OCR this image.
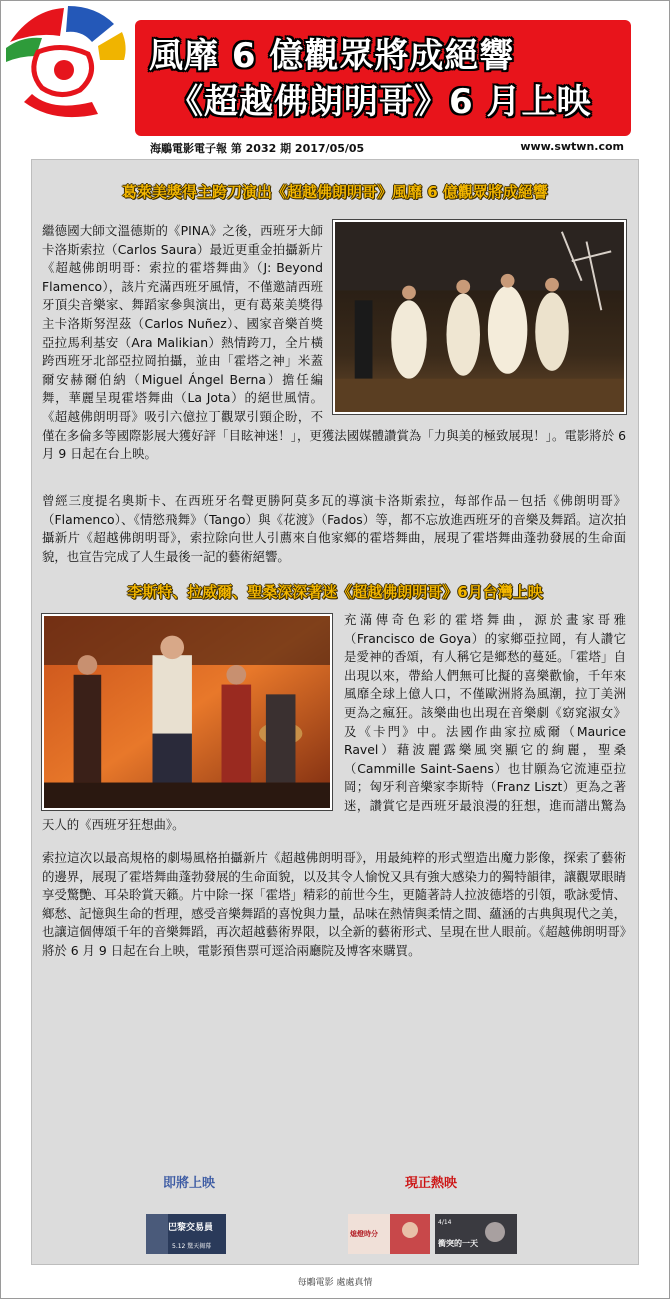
風靡 6 億觀眾將成絕響
《超越佛朗明哥》6 月上映
海鵰電影電子報 第 2032 期 2017/05/05	www.swtwn.com
葛萊美獎得主跨刀演出《超越佛朗明哥》風靡 6 億觀眾將成絕響
繼德國大師文溫德斯的《PINA》之後，西班牙大師卡洛斯索拉（Carlos Saura）最近更重金拍攝新片《超越佛朗明哥：索拉的霍塔舞曲》（J: Beyond Flamenco），該片充滿西班牙風情，不僅邀請西班牙頂尖音樂家、舞蹈家參與演出，更有葛萊美獎得主卡洛斯努涅茲（Carlos Nuñez）、國家音樂首獎亞拉馬利基安（Ara Malikian）熱情跨刀，全片橫跨西班牙北部亞拉岡拍攝，並由「霍塔之神」米蓋爾安赫爾伯納（Miguel Ángel Berna）擔任編舞，華麗呈現霍塔舞曲（La Jota）的絕世風情。《超越佛朗明哥》吸引六億拉丁觀眾引頸企盼，不僅在多倫多等國際影展大獲好評「目眩神迷！」，更獲法國媒體讚賞為「力與美的極致展現！」。電影將於 6 月 9 日起在台上映。
曾經三度提名奧斯卡、在西班牙名聲更勝阿莫多瓦的導演卡洛斯索拉，每部作品－包括《佛朗明哥》（Flamenco）、《情慾飛舞》（Tango）與《花渡》（Fados）等，都不忘放進西班牙的音樂及舞蹈。這次拍攝新片《超越佛朗明哥》，索拉除向世人引薦來自他家鄉的霍塔舞曲，展現了霍塔舞曲蓬勃發展的生命面貌，也宣告完成了人生最後一記的藝術絕響。
李斯特、拉威爾、聖桑深深著迷《超越佛朗明哥》6月台灣上映
充滿傳奇色彩的霍塔舞曲，源於畫家哥雅（Francisco de Goya）的家鄉亞拉岡，有人讚它是愛神的香頌，有人稱它是鄉愁的蔓延。「霍塔」自出現以來，帶給人們無可比擬的喜樂歡愉，千年來風靡全球上億人口，不僅歐洲將為風潮，拉丁美洲更為之瘋狂。該樂曲也出現在音樂劇《窈窕淑女》及《卡門》中。法國作曲家拉威爾（Maurice Ravel）藉波麗露樂風突顯它的絢麗，聖桑（Cammille Saint-Saens）也甘願為它流連亞拉岡；匈牙利音樂家李斯特（Franz Liszt）更為之著迷，讚賞它是西班牙最浪漫的狂想，進而譜出驚為天人的《西班牙狂想曲》。
索拉這次以最高規格的劇場風格拍攝新片《超越佛朗明哥》，用最純粹的形式塑造出魔力影像，探索了藝術的邊界，展現了霍塔舞曲蓬勃發展的生命面貌，以及其令人愉悅又具有強大感染力的獨特韻律，讓觀眾眼睛享受驚艷、耳朵聆賞天籟。片中除一探「霍塔」精彩的前世今生，更隨著詩人拉波德塔的引領，歌詠愛情、鄉愁、記憶與生命的哲理，感受音樂舞蹈的喜悅與力量，品味在熱情與柔情之間、蘊涵的古典與現代之美，也讓這個傳頌千年的音樂舞蹈，再次超越藝術界限，以全新的藝術形式、呈現在世人眼前。《超越佛朗明哥》將於 6 月 9 日起在台上映，電影預售票可逕洽兩廳院及博客來購買。
即將上映	現正熱映
巴黎交易員
5.12 驚天揭幕
熄燈時分
4/14
衝突的一天
每鵰電影 處處真情
